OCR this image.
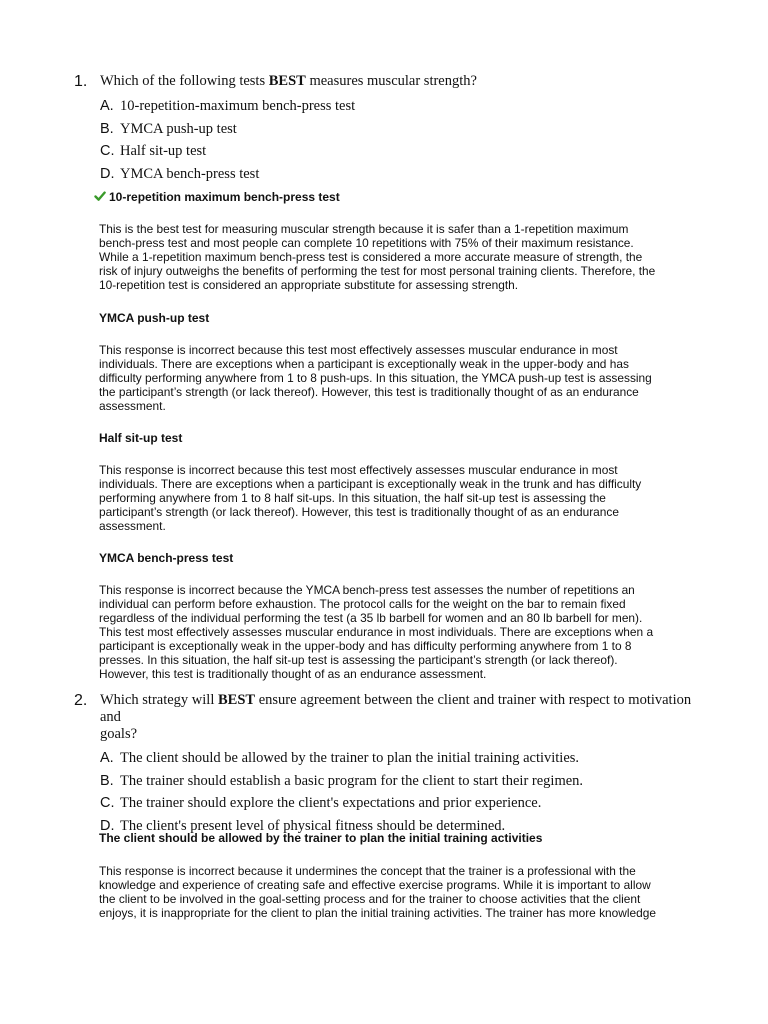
1. Which of the following tests BEST measures muscular strength?
A. 10-repetition-maximum bench-press test
B. YMCA push-up test
C. Half sit-up test
D. YMCA bench-press test

10-repetition maximum bench-press test

This is the best test for measuring muscular strength because it is safer than a 1-repetition maximum

bench-press test and most people can complete 10 repetitions with 75% of their maximum resistance.

While a 1-repetition maximum bench-press test is considered a more accurate measure of strength, the

risk of injury outweighs the benefits of performing the test for most personal training clients. Therefore, the

10-repetition test is considered an appropriate substitute for assessing strength.

YMCA push-up test

This response is incorrect because this test most effectively assesses muscular endurance in most

individuals. There are exceptions when a participant is exceptionally weak in the upper-body and has

difficulty performing anywhere from 1 to 8 push-ups. In this situation, the YMCA push-up test is assessing

the participant’s strength (or lack thereof). However, this test is traditionally thought of as an endurance

assessment.

Half sit-up test

This response is incorrect because this test most effectively assesses muscular endurance in most

individuals. There are exceptions when a participant is exceptionally weak in the trunk and has difficulty

performing anywhere from 1 to 8 half sit-ups. In this situation, the half sit-up test is assessing the

participant’s strength (or lack thereof). However, this test is traditionally thought of as an endurance

assessment.

YMCA bench-press test

This response is incorrect because the YMCA bench-press test assesses the number of repetitions an

individual can perform before exhaustion. The protocol calls for the weight on the bar to remain fixed

regardless of the individual performing the test (a 35 lb barbell for women and an 80 lb barbell for men).

This test most effectively assesses muscular endurance in most individuals. There are exceptions when a

participant is exceptionally weak in the upper-body and has difficulty performing anywhere from 1 to 8

presses. In this situation, the half sit-up test is assessing the participant’s strength (or lack thereof).

However, this test is traditionally thought of as an endurance assessment.

2. Which strategy will BEST ensure agreement between the client and trainer with respect to motivation and
goals?
A. The client should be allowed by the trainer to plan the initial training activities.
B. The trainer should establish a basic program for the client to start their regimen.
C. The trainer should explore the client's expectations and prior experience.
D. The client's present level of physical fitness should be determined.

The client should be allowed by the trainer to plan the initial training activities

This response is incorrect because it undermines the concept that the trainer is a professional with the

knowledge and experience of creating safe and effective exercise programs. While it is important to allow

the client to be involved in the goal-setting process and for the trainer to choose activities that the client

enjoys, it is inappropriate for the client to plan the initial training activities. The trainer has more knowledge
